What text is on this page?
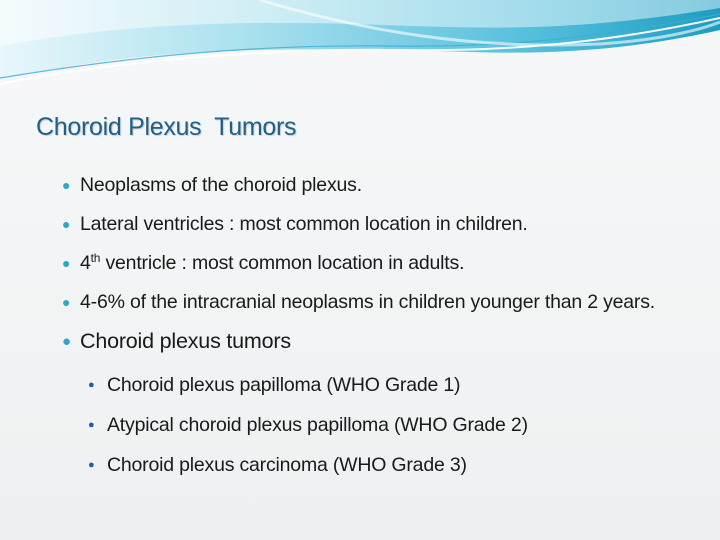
Choroid Plexus  Tumors
● Neoplasms of the choroid plexus.
● Lateral ventricles : most common location in children.
● 4th ventricle : most common location in adults.
● 4-6% of the intracranial neoplasms in children younger than 2 years.
● Choroid plexus tumors
● Choroid plexus papilloma (WHO Grade 1)
● Atypical choroid plexus papilloma (WHO Grade 2)
● Choroid plexus carcinoma (WHO Grade 3)
